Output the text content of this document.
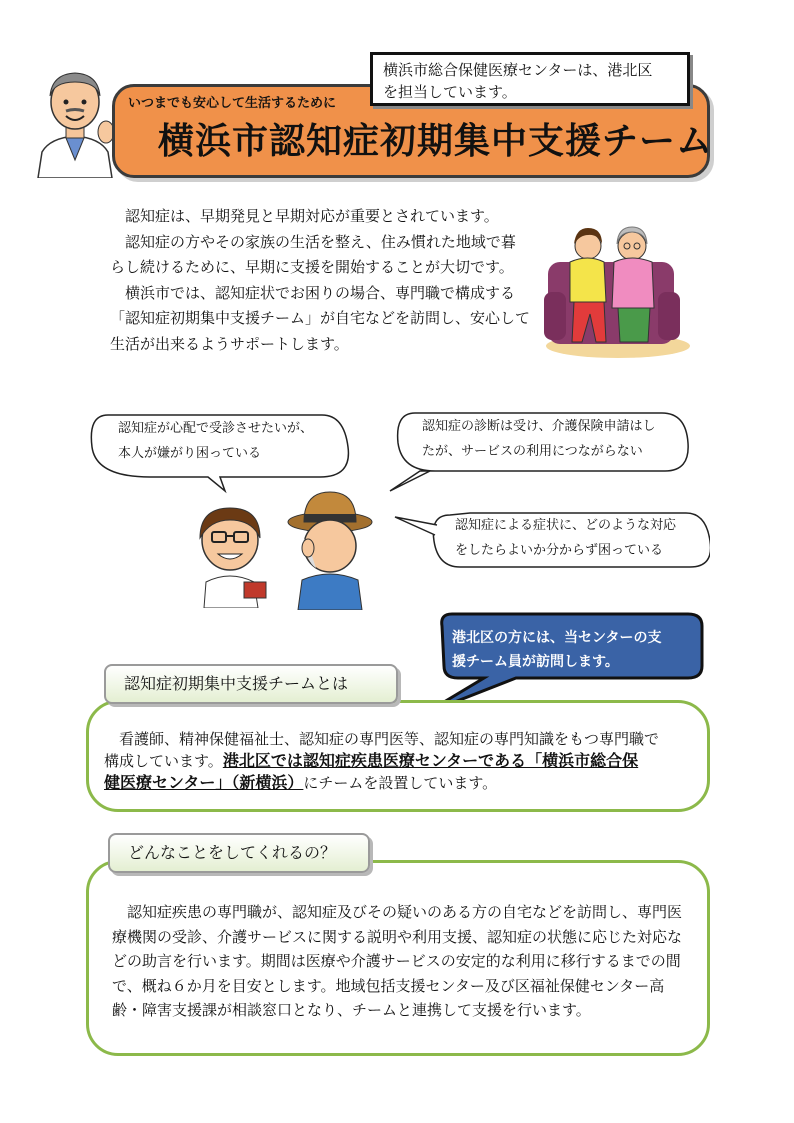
いつまでも安心して生活するために
横浜市認知症初期集中支援チーム
横浜市総合保健医療センターは、港北区
を担当しています。

認知症は、早期発見と早期対応が重要とされています。

認知症の方やその家族の生活を整え、住み慣れた地域で暮らし続けるために、早期に支援を開始することが大切です。

横浜市では、認知症状でお困りの場合、専門職で構成する「認知症初期集中支援チーム」が自宅などを訪問し、安心して生活が出来るようサポートします。

認知症が心配で受診させたいが、
本人が嫌がり困っている
認知症の診断は受け、介護保険申請はし
たが、サービスの利用につながらない
認知症による症状に、どのような対応
をしたらよいか分からず困っている
港北区の方には、当センターの支
援チーム員が訪問します。
認知症初期集中支援チームとは

　看護師、精神保健福祉士、認知症の専門医等、認知症の専門知識をもつ専門職で

構成しています。港北区では認知症疾患医療センターである「横浜市総合保

健医療センター」（新横浜）にチームを設置しています。

どんなことをしてくれるの？

認知症疾患の専門職が、認知症及びその疑いのある方の自宅などを訪問し、専門医療機関の受診、介護サービスに関する説明や利用支援、認知症の状態に応じた対応などの助言を行います。期間は医療や介護サービスの安定的な利用に移行するまでの間で、概ね６か月を目安とします。地域包括支援センター及び区福祉保健センター高齢・障害支援課が相談窓口となり、チームと連携して支援を行います。
